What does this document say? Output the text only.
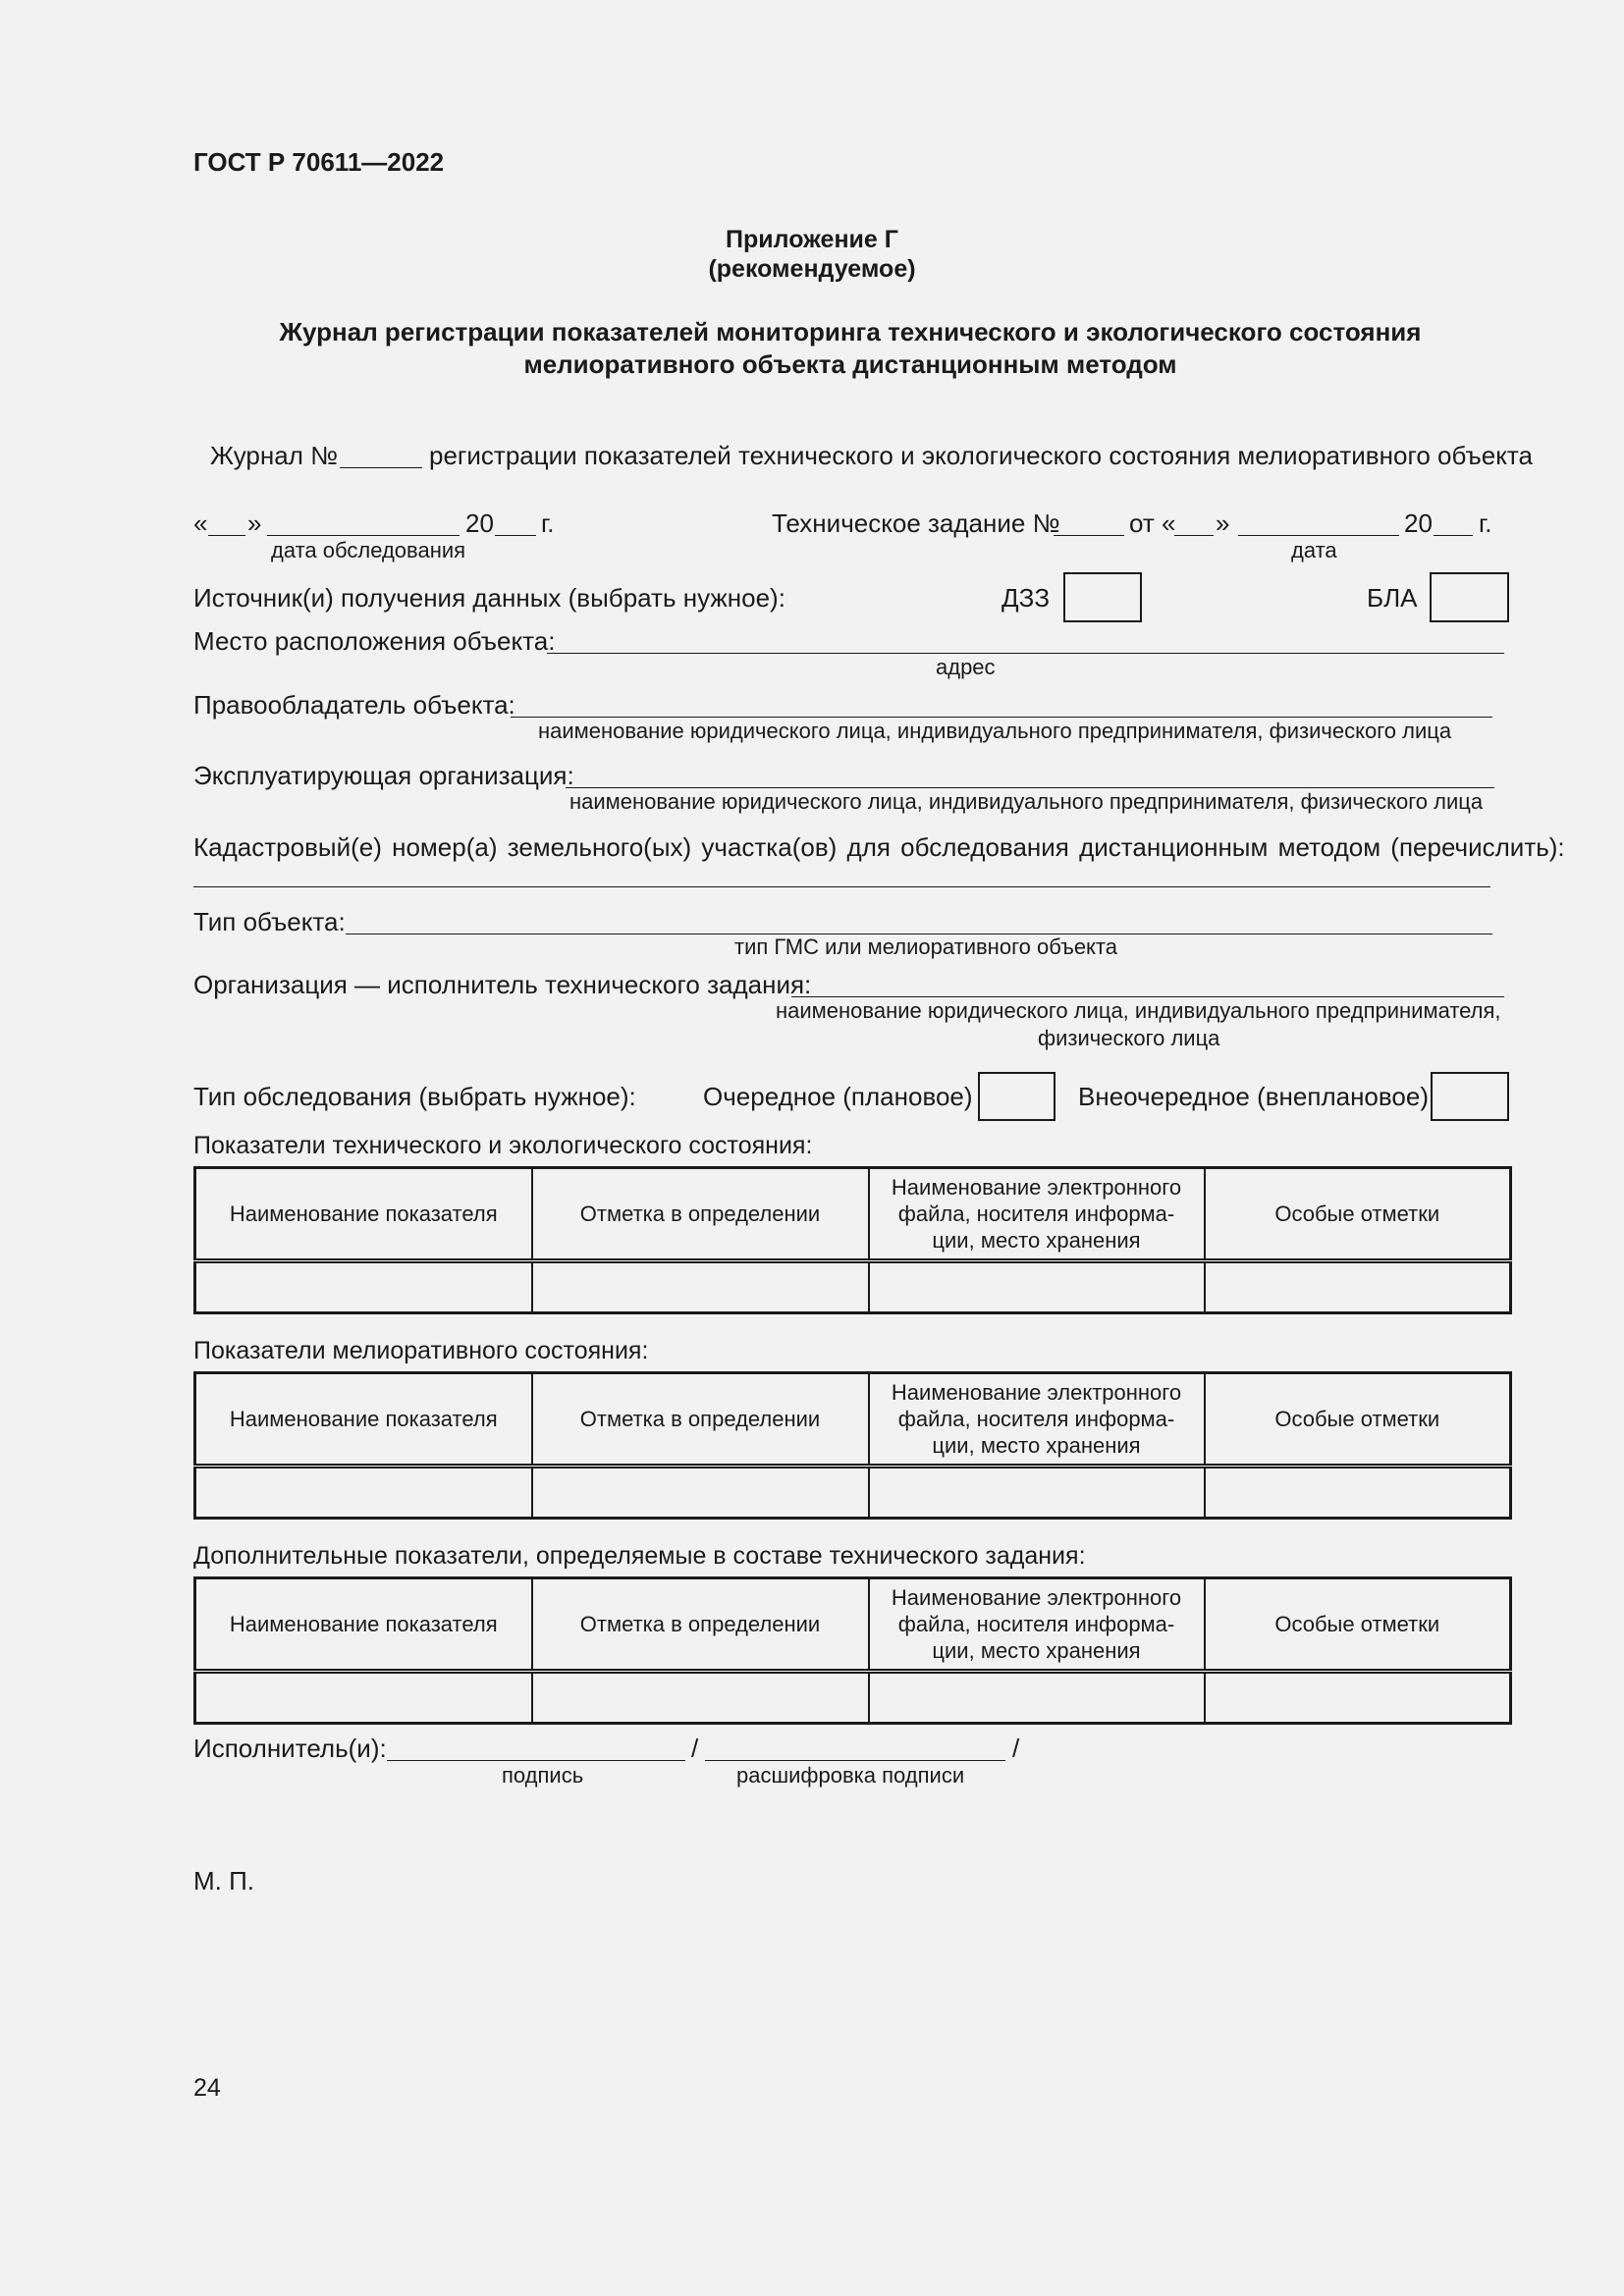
ГОСТ Р 70611—2022
Приложение Г
(рекомендуемое)
Журнал регистрации показателей мониторинга технического и экологического состояния
мелиоративного объекта дистанционным методом
Журнал №	регистрации показателей технического и экологического состояния мелиоративного объекта
« »	20 г.
дата обследования
Техническое задание №	от « »	20 г.
дата
Источник(и) получения данных (выбрать нужное):	ДЗЗ	БЛА
Место расположения объекта:
адрес
Правообладатель объекта:
наименование юридического лица, индивидуального предпринимателя, физического лица
Эксплуатирующая организация:
наименование юридического лица, индивидуального предпринимателя, физического лица
Кадастровый(е) номер(а) земельного(ых) участка(ов) для обследования дистанционным методом (перечислить):
Тип объекта:
тип ГМС или мелиоративного объекта
Организация — исполнитель технического задания:
наименование юридического лица, индивидуального предпринимателя,
физического лица
Тип обследования (выбрать нужное):	Очередное (плановое)	Внеочередное (внеплановое)
Показатели технического и экологического состояния:
Наименование показателя	Отметка в определении	Наименование электронного файла, носителя информа-ции, место хранения	Особые отметки

Показатели мелиоративного состояния:
Наименование показателя	Отметка в определении	Наименование электронного файла, носителя информа-ции, место хранения	Особые отметки

Дополнительные показатели, определяемые в составе технического задания:
Наименование показателя	Отметка в определении	Наименование электронного файла, носителя информа-ции, место хранения	Особые отметки

Исполнитель(и):	/	/
подпись	расшифровка подписи
М. П.
24
